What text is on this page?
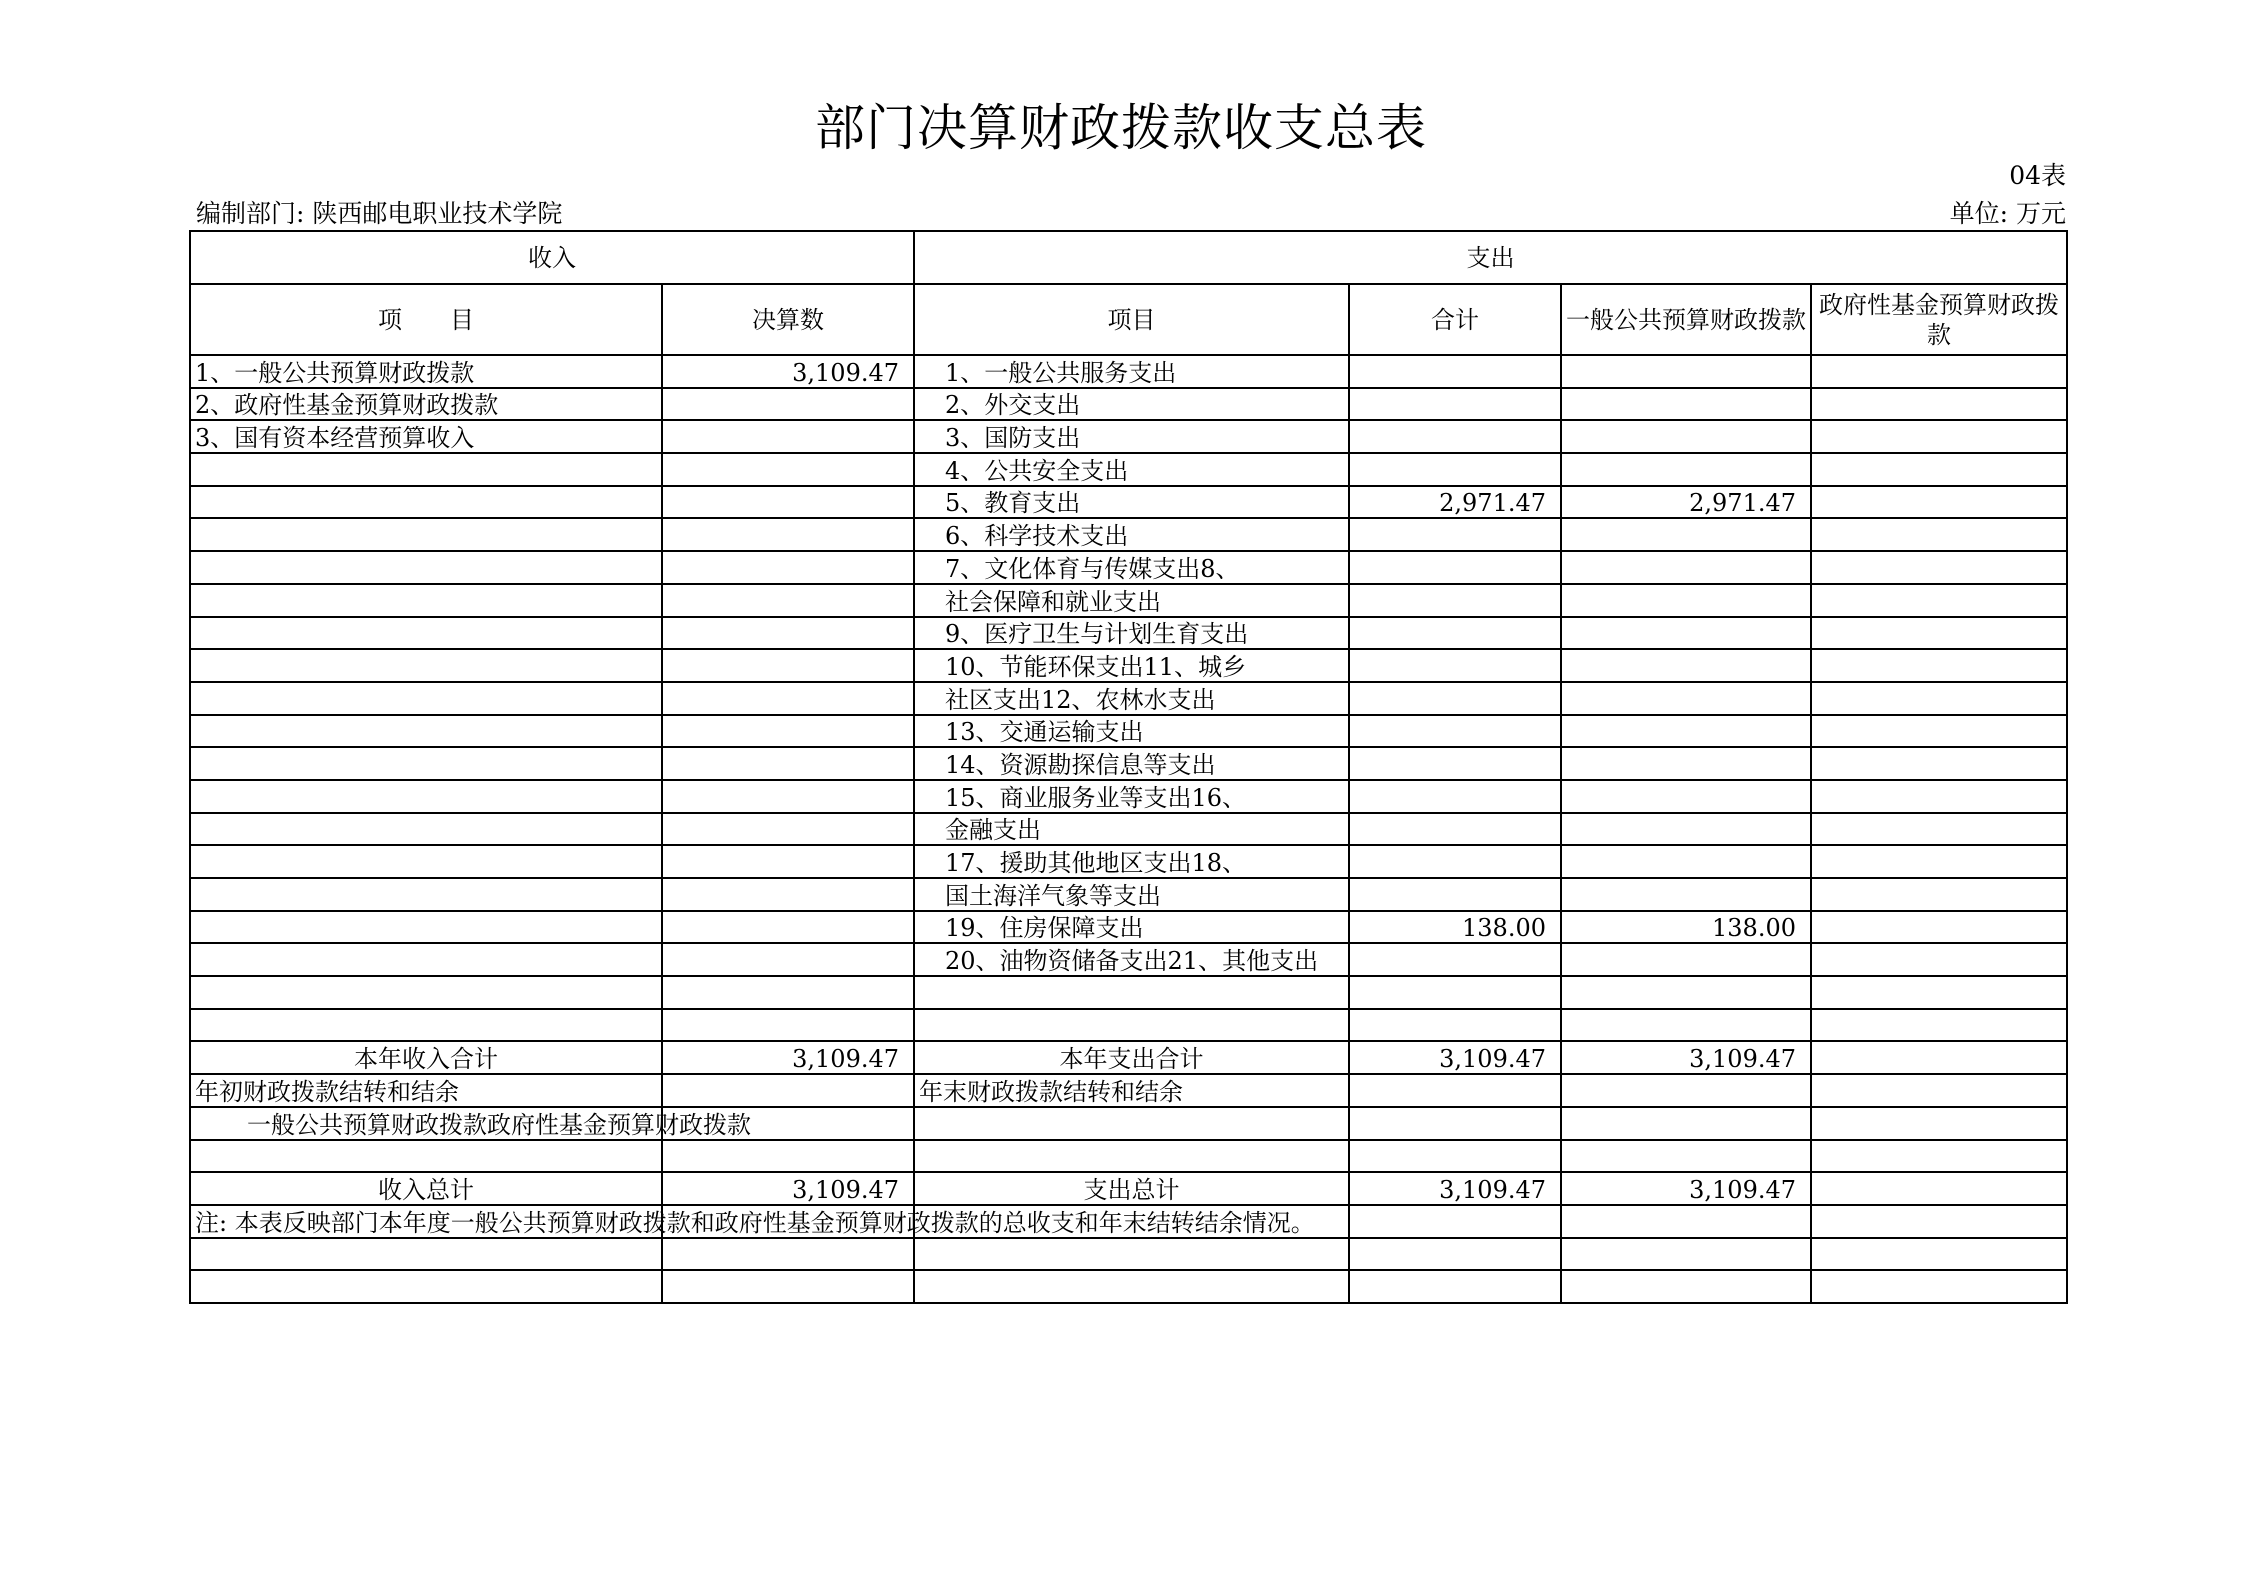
部门决算财政拨款收支总表
04表
编制部门: 陕西邮电职业技术学院	单位: 万元
收入		支出			
项　　目	决算数	项目	合计	一般公共预算财政拨款	政府性基金预算财政拨款
1、一般公共预算财政拨款	3,109.47	1、一般公共服务支出			
2、政府性基金预算财政拨款		2、外交支出			
3、国有资本经营预算收入		3、国防支出			
		4、公共安全支出			
		5、教育支出	2,971.47	2,971.47	
		6、科学技术支出			
		7、文化体育与传媒支出8、			
		社会保障和就业支出			
		9、医疗卫生与计划生育支出			
		10、节能环保支出11、城乡			
		社区支出12、农林水支出			
		13、交通运输支出			
		14、资源勘探信息等支出			
		15、商业服务业等支出16、			
		金融支出			
		17、援助其他地区支出18、			
		国土海洋气象等支出			
		19、住房保障支出	138.00	138.00	
		20、油物资储备支出21、其他支出			

本年收入合计	3,109.47	本年支出合计	3,109.47	3,109.47	
年初财政拨款结转和结余		年末财政拨款结转和结余			

一般公共预算财政拨款政府性基金预算财政拨款					

收入总计	3,109.47	支出总计	3,109.47	3,109.47	

注: 本表反映部门本年度一般公共预算财政拨款和政府性基金预算财政拨款的总收支和年末结转结余情况。					
